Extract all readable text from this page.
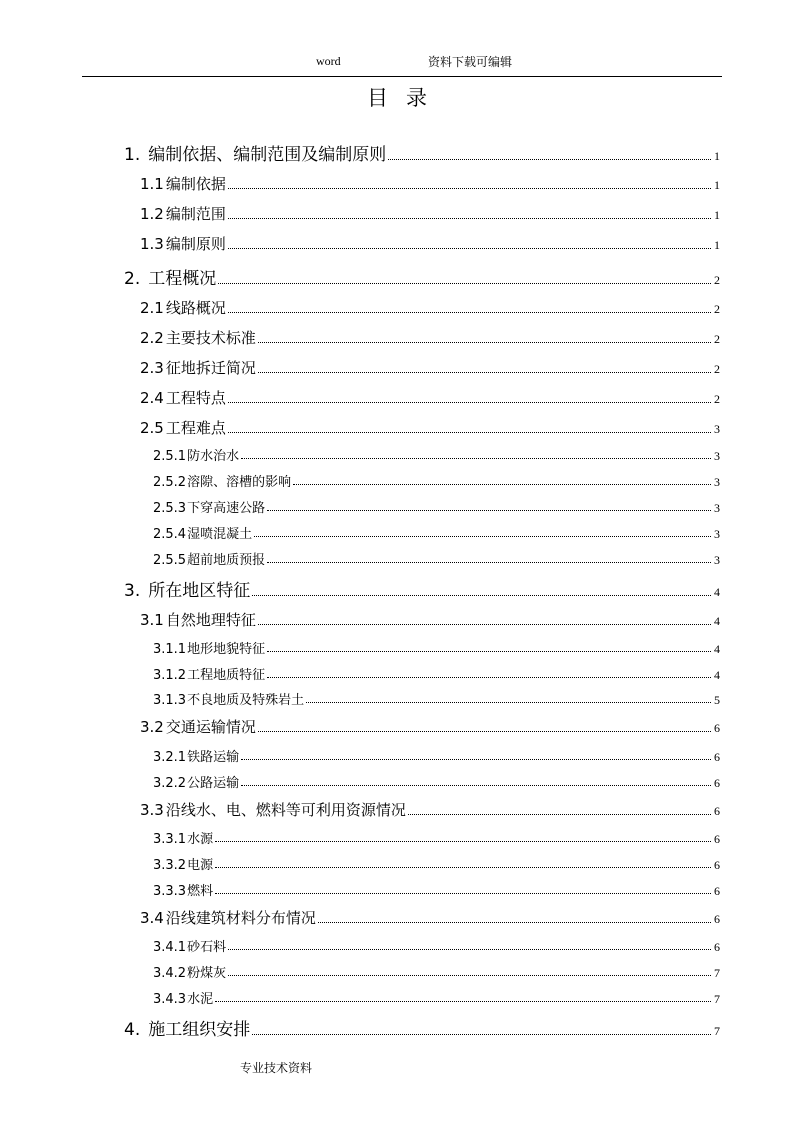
word	资料下载可编辑
目录
1. 编制依据、编制范围及编制原则	1
1.1 编制依据	1
1.2 编制范围	1
1.3 编制原则	1
2. 工程概况	2
2.1 线路概况	2
2.2 主要技术标准	2
2.3 征地拆迁简况	2
2.4 工程特点	2
2.5 工程难点	3
2.5.1 防水治水	3
2.5.2 溶隙、溶槽的影响	3
2.5.3 下穿高速公路	3
2.5.4 湿喷混凝土	3
2.5.5 超前地质预报	3
3. 所在地区特征	4
3.1 自然地理特征	4
3.1.1 地形地貌特征	4
3.1.2 工程地质特征	4
3.1.3 不良地质及特殊岩土	5
3.2 交通运输情况	6
3.2.1 铁路运输	6
3.2.2 公路运输	6
3.3 沿线水、电、燃料等可利用资源情况	6
3.3.1 水源	6
3.3.2 电源	6
3.3.3 燃料	6
3.4 沿线建筑材料分布情况	6
3.4.1 砂石料	6
3.4.2 粉煤灰	7
3.4.3 水泥	7
4. 施工组织安排	7
专业技术资料
